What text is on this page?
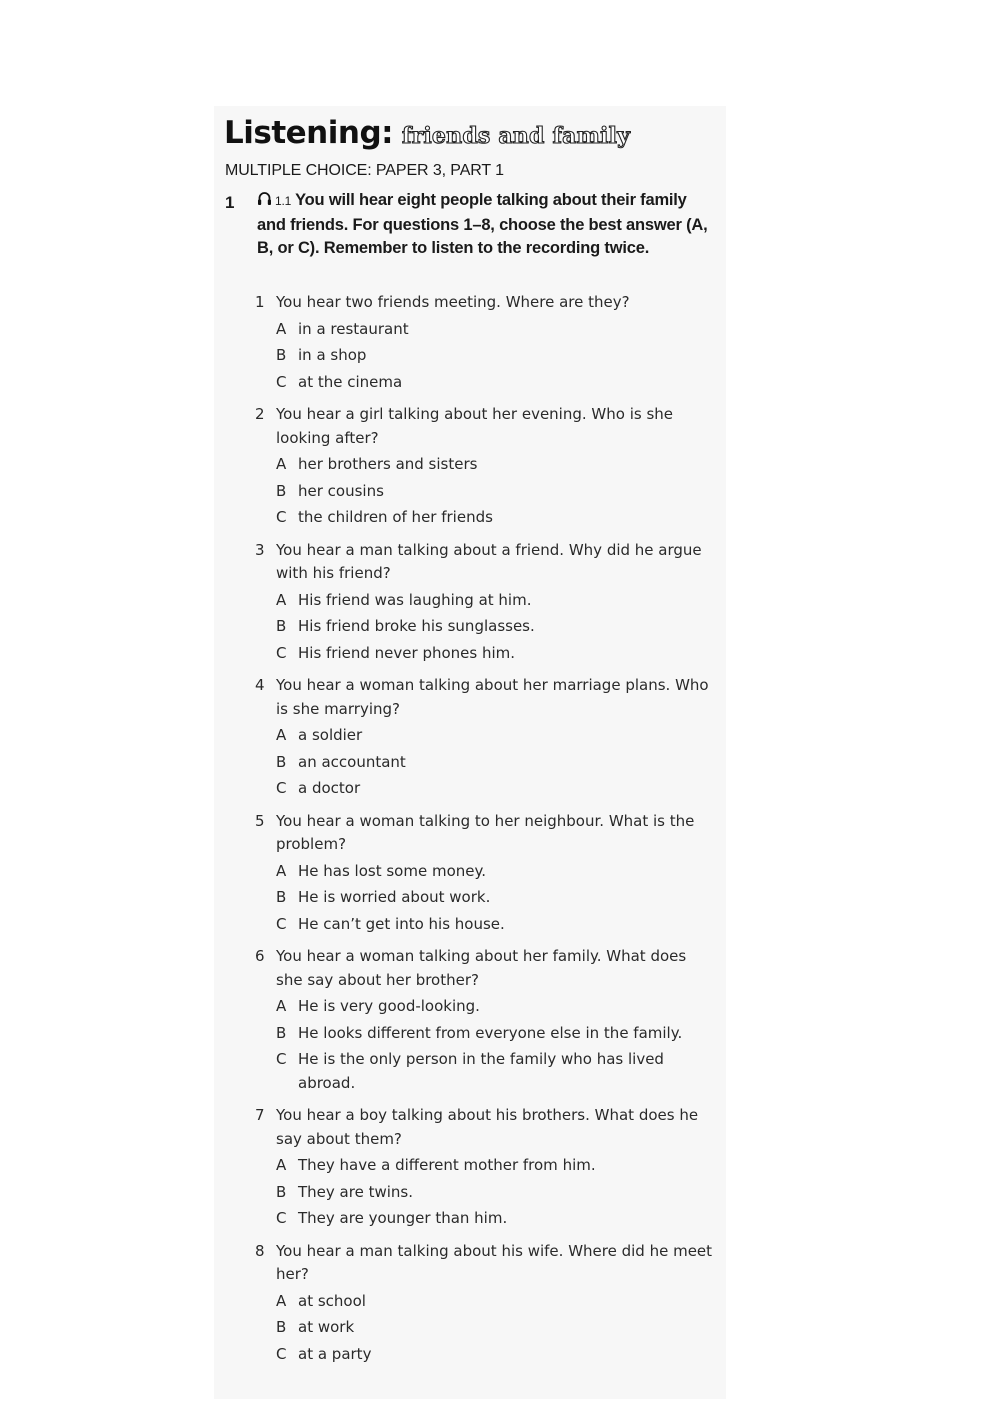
Listening: friends and family
MULTIPLE CHOICE: PAPER 3, PART 1
1	1.1 You will hear eight people talking about their family and friends. For questions 1–8, choose the best answer (A, B, or C). Remember to listen to the recording twice.
1 You hear two friends meeting. Where are they?
A in a restaurant
B in a shop
C at the cinema
2 You hear a girl talking about her evening. Who is she looking after?
A her brothers and sisters
B her cousins
C the children of her friends
3 You hear a man talking about a friend. Why did he argue with his friend?
A His friend was laughing at him.
B His friend broke his sunglasses.
C His friend never phones him.
4 You hear a woman talking about her marriage plans. Who is she marrying?
A a soldier
B an accountant
C a doctor
5 You hear a woman talking to her neighbour. What is the problem?
A He has lost some money.
B He is worried about work.
C He can’t get into his house.
6 You hear a woman talking about her family. What does she say about her brother?
A He is very good-looking.
B He looks different from everyone else in the family.
C He is the only person in the family who has lived abroad.
7 You hear a boy talking about his brothers. What does he say about them?
A They have a different mother from him.
B They are twins.
C They are younger than him.
8 You hear a man talking about his wife. Where did he meet her?
A at school
B at work
C at a party
